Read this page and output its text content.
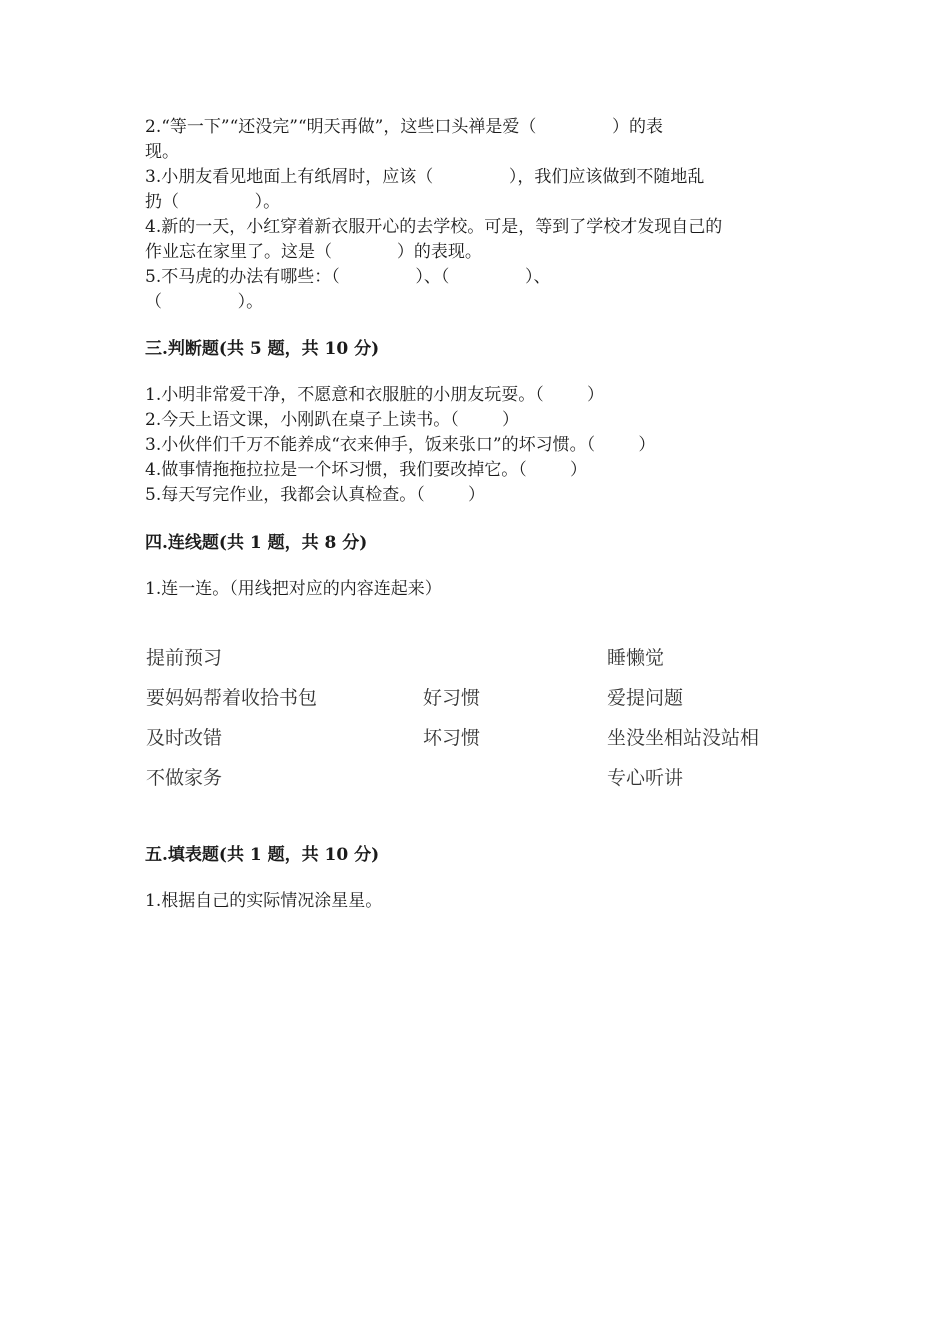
2.“等一下”“还没完”“明天再做”，这些口头禅是爱（              ）的表
现。
3.小朋友看见地面上有纸屑时，应该（              ），我们应该做到不随地乱
扔（              ）。
4.新的一天，小红穿着新衣服开心的去学校。可是，等到了学校才发现自己的
作业忘在家里了。这是（            ）的表现。
5.不马虎的办法有哪些：（              ）、（              ）、
（              ）。
三.判断题(共 5 题，共 10 分)
1.小明非常爱干净，不愿意和衣服脏的小朋友玩耍。（        ）
2.今天上语文课，小刚趴在桌子上读书。（        ）
3.小伙伴们千万不能养成“衣来伸手，饭来张口”的坏习惯。（        ）
4.做事情拖拖拉拉是一个坏习惯，我们要改掉它。（        ）
5.每天写完作业，我都会认真检查。（        ）
四.连线题(共 1 题，共 8 分)
1.连一连。（用线把对应的内容连起来）
提前预习
要妈妈帮着收拾书包
及时改错
不做家务
好习惯
坏习惯
睡懒觉
爱提问题
坐没坐相站没站相
专心听讲
五.填表题(共 1 题，共 10 分)
1.根据自己的实际情况涂星星。
